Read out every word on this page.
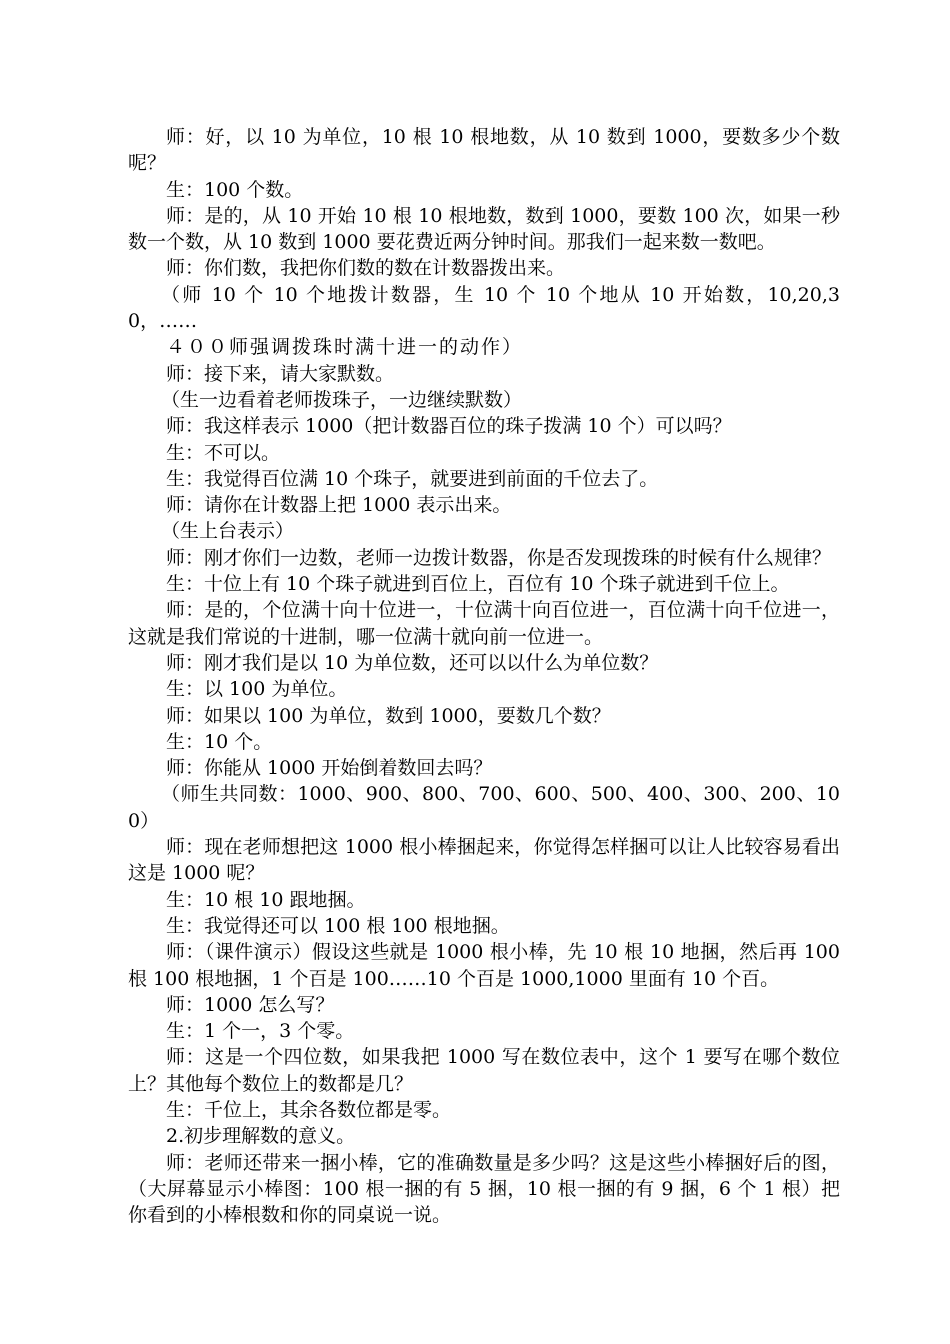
师：好，以 10 为单位，10 根 10 根地数，从 10 数到 1000，要数多少个数呢？

生：100 个数。

师：是的，从 10 开始 10 根 10 根地数，数到 1000，要数 100 次，如果一秒数一个数，从 10 数到 1000 要花费近两分钟时间。那我们一起来数一数吧。

师：你们数，我把你们数的数在计数器拨出来。

（师 10 个 10 个地拨计数器，生 10 个 10 个地从 10 开始数，10,20,30，……

４００师强调拨珠时满十进一的动作）

师：接下来，请大家默数。

（生一边看着老师拨珠子，一边继续默数）

师：我这样表示 1000（把计数器百位的珠子拨满 10 个）可以吗？

生：不可以。

生：我觉得百位满 10 个珠子，就要进到前面的千位去了。

师：请你在计数器上把 1000 表示出来。

（生上台表示）

师：刚才你们一边数，老师一边拨计数器，你是否发现拨珠的时候有什么规律？

生：十位上有 10 个珠子就进到百位上，百位有 10 个珠子就进到千位上。

师：是的，个位满十向十位进一，十位满十向百位进一，百位满十向千位进一，这就是我们常说的十进制，哪一位满十就向前一位进一。

师：刚才我们是以 10 为单位数，还可以以什么为单位数？

生：以 100 为单位。

师：如果以 100 为单位，数到 1000，要数几个数？

生：10 个。

师：你能从 1000 开始倒着数回去吗？

（师生共同数：1000、900、800、700、600、500、400、300、200、100）

师：现在老师想把这 1000 根小棒捆起来，你觉得怎样捆可以让人比较容易看出这是 1000 呢？

生：10 根 10 跟地捆。

生：我觉得还可以 100 根 100 根地捆。

师：（课件演示）假设这些就是 1000 根小棒，先 10 根 10 地捆，然后再 100 根 100 根地捆，1 个百是 100……10 个百是 1000,1000 里面有 10 个百。

师：1000 怎么写？

生：1 个一，3 个零。

师：这是一个四位数，如果我把 1000 写在数位表中，这个 1 要写在哪个数位上？其他每个数位上的数都是几？

生：千位上，其余各数位都是零。

2.初步理解数的意义。

师：老师还带来一捆小棒，它的准确数量是多少吗？这是这些小棒捆好后的图，（大屏幕显示小棒图：100 根一捆的有 5 捆，10 根一捆的有 9 捆，6 个 1 根）把你看到的小棒根数和你的同桌说一说。
